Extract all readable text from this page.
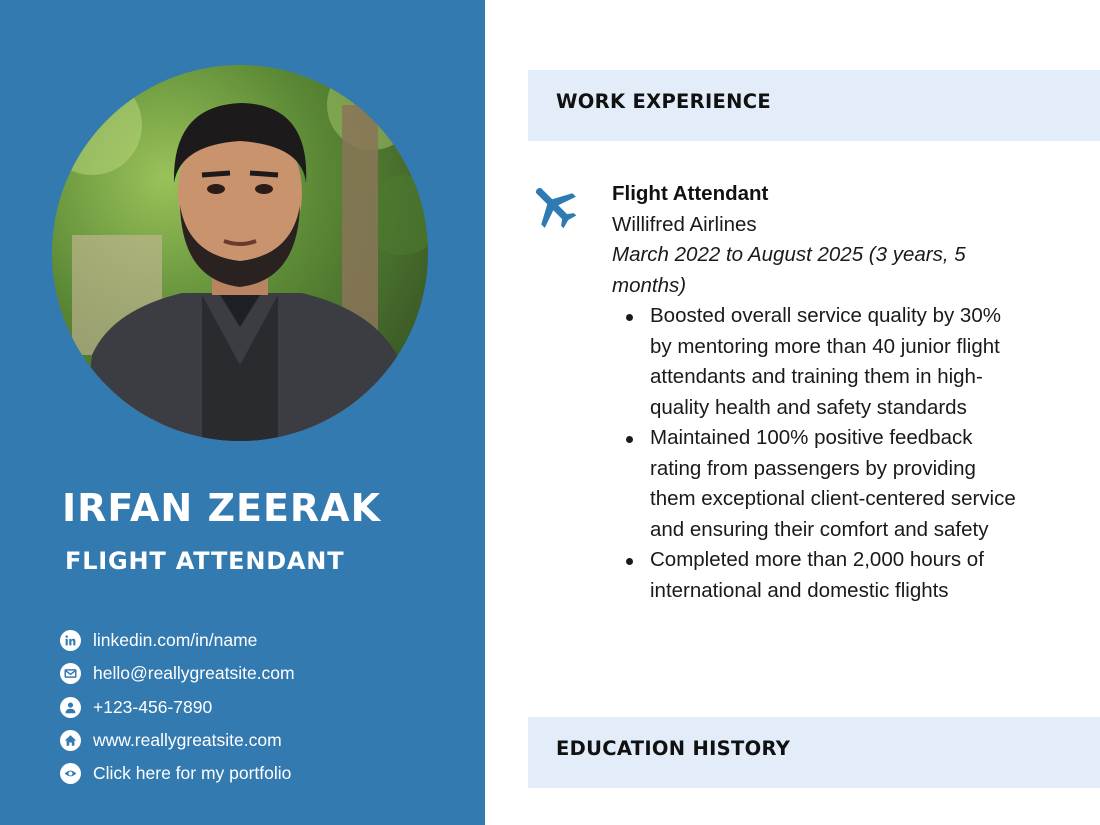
IRFAN ZEERAK
FLIGHT ATTENDANT
linkedin.com/in/name
hello@reallygreatsite.com
+123-456-7890
www.reallygreatsite.com
Click here for my portfolio
WORK EXPERIENCE
Flight Attendant
Willifred Airlines
March 2022 to August 2025 (3 years, 5 months)
Boosted overall service quality by 30% by mentoring more than 40 junior flight attendants and training them in high-quality health and safety standards
Maintained 100% positive feedback rating from passengers by providing them exceptional client-centered service and ensuring their comfort and safety
Completed more than 2,000 hours of international and domestic flights
EDUCATION HISTORY
